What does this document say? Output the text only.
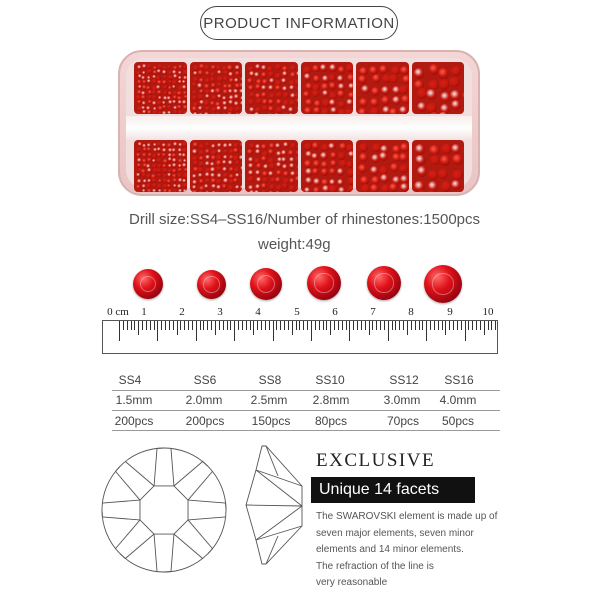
PRODUCT INFORMATION
Drill size:SS4–SS16/Number of rhinestones:1500pcs
weight:49g
0 cm 1	2	3	4	5	6	7	8	9	10
SS4	SS6	SS8	SS10	SS12 SS16
1.5mm	2.0mm 2.5mm 2.8mm	3.0mm 4.0mm
200pcs	200pcs 150pcs 80pcs	70pcs 50pcs
EXCLUSIVE
Unique 14 facets
The SWAROVSKI element is made up of
seven major elements, seven minor
elements and 14 minor elements.
The refraction of the line is
very reasonable
